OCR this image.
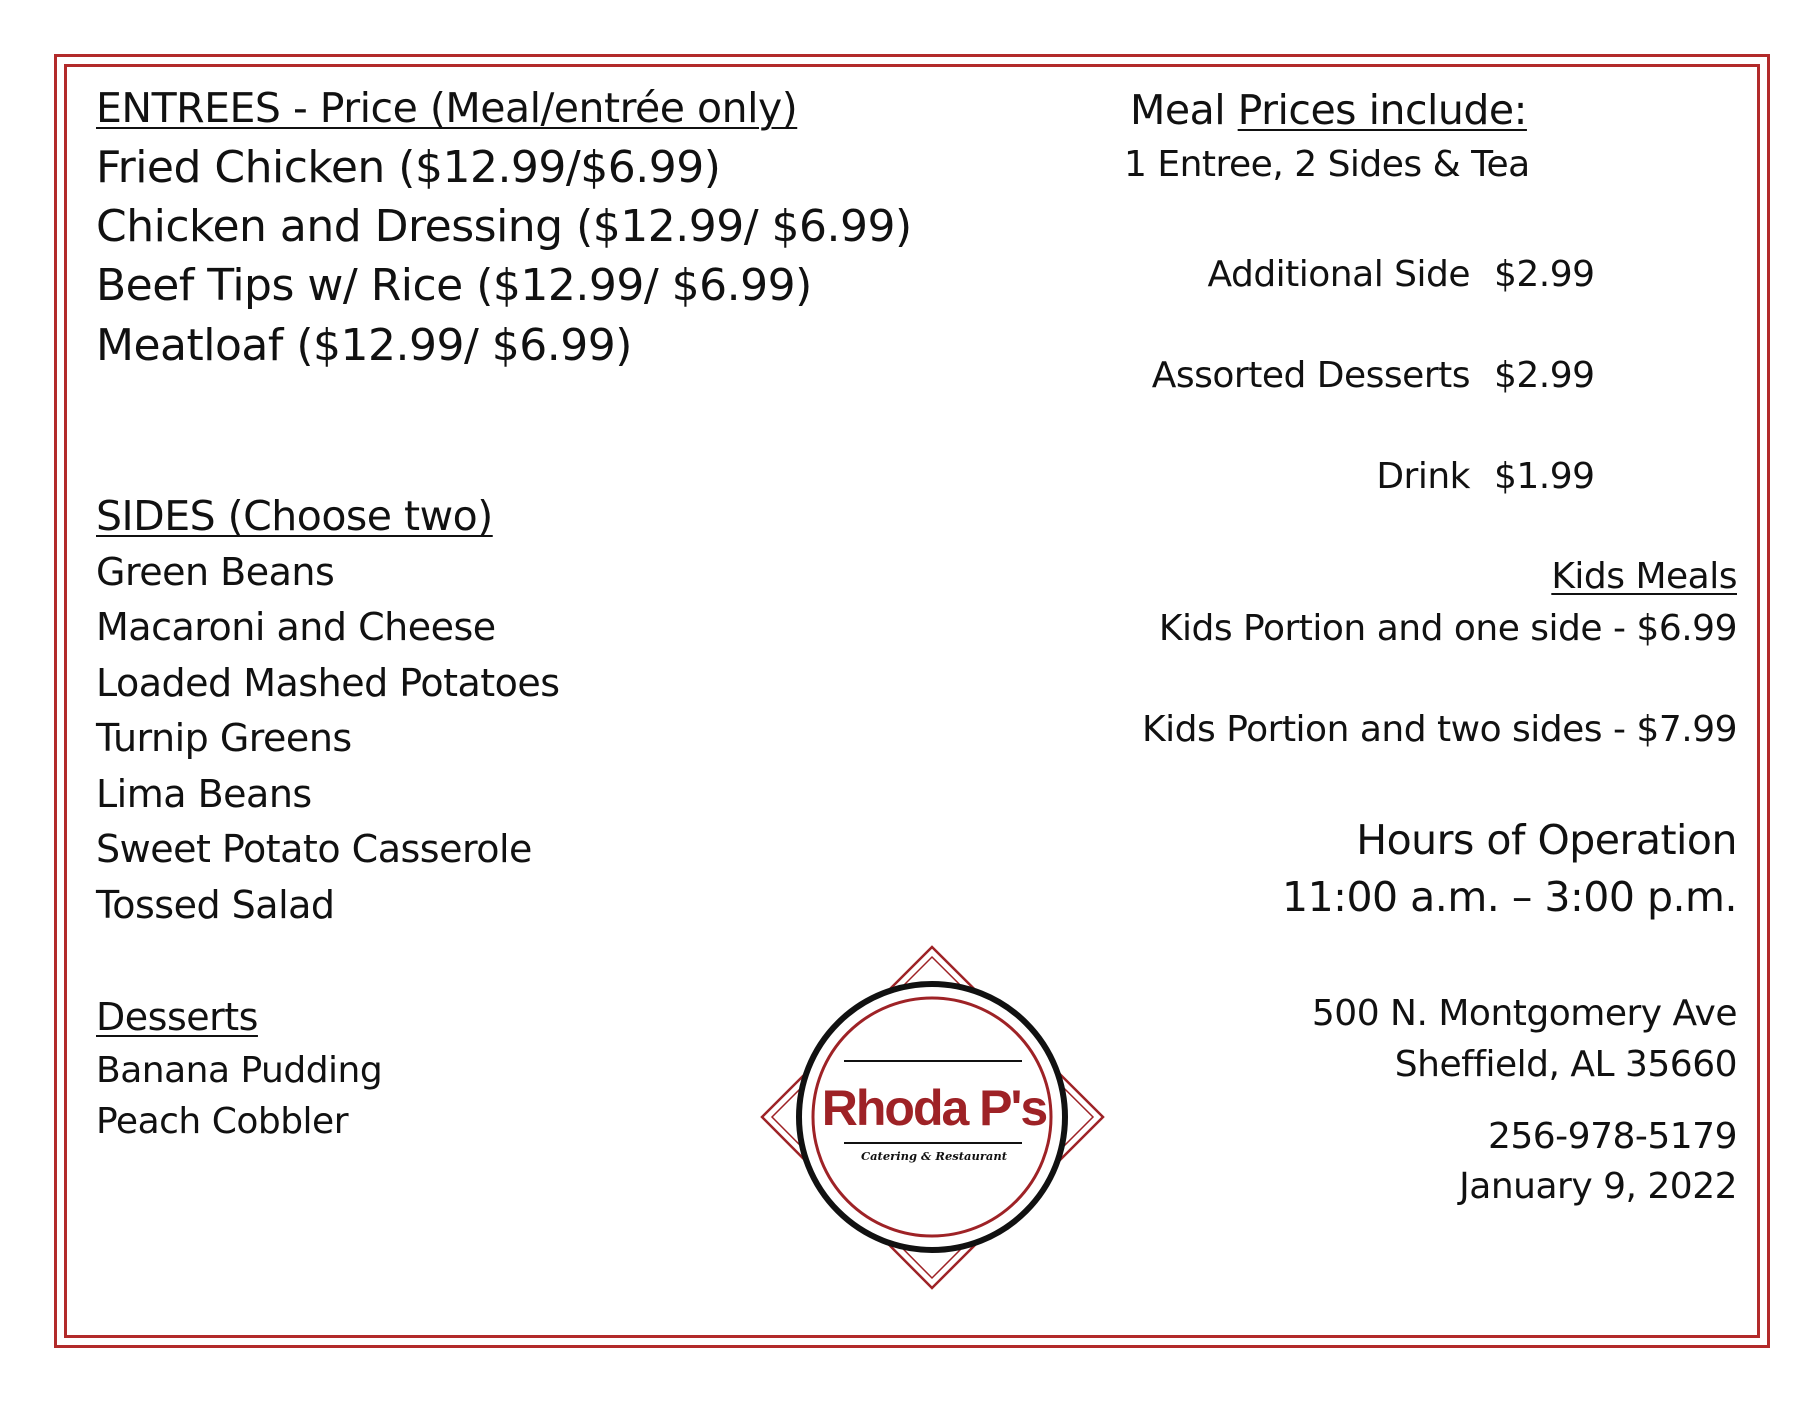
ENTREES - Price (Meal/entrée only)
Fried Chicken ($12.99/$6.99)
Chicken and Dressing ($12.99/ $6.99)
Beef Tips w/ Rice ($12.99/ $6.99)
Meatloaf ($12.99/ $6.99)
SIDES (Choose two)
Green Beans
Macaroni and Cheese
Loaded Mashed Potatoes
Turnip Greens
Lima Beans
Sweet Potato Casserole
Tossed Salad
Desserts
Banana Pudding
Peach Cobbler
Meal Prices include:
1 Entree, 2 Sides & Tea
Additional Side $2.99
Assorted Desserts $2.99
Drink $1.99
Kids Meals
Kids Portion and one side - $6.99
Kids Portion and two sides - $7.99
Hours of Operation
11:00 a.m. – 3:00 p.m.
500 N. Montgomery Ave
Sheffield, AL 35660
256-978-5179
January 9, 2022
Rhoda P's
Catering & Restaurant
